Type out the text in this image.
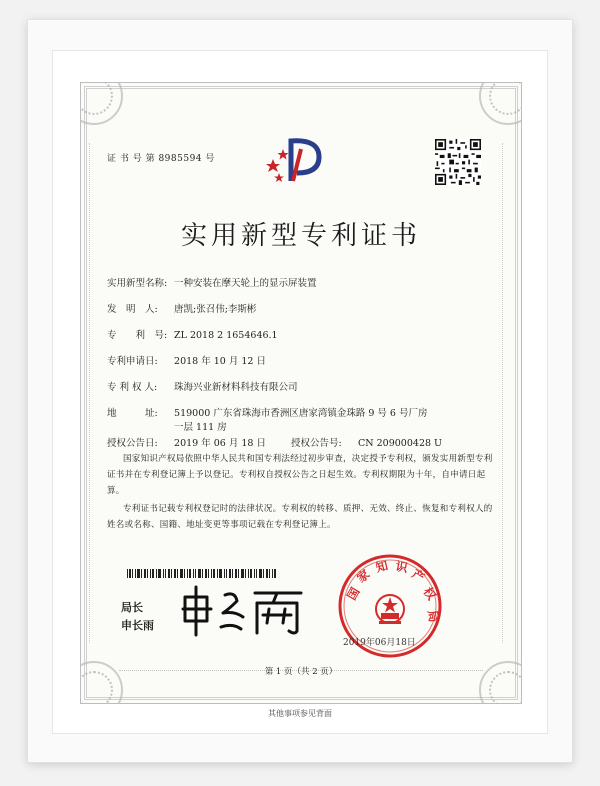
证 书 号 第 8985594 号
实用新型专利证书
实用新型名称: 一种安装在摩天轮上的显示屏装置
发　明　人: 唐凯;张召伟;李斯彬
专　　利　号: ZL 2018 2 1654646.1
专利申请日: 2018 年 10 月 12 日
专 利 权 人: 珠海兴业新材料科技有限公司
地　　　址: 519000 广东省珠海市香洲区唐家湾镇金珠路 9 号 6 号厂房
一层 111 房
授权公告日: 2019 年 06 月 18 日	授权公告号: CN 209000428 U
国家知识产权局依照中华人民共和国专利法经过初步审查，决定授予专利权，颁发实用新型专利证书并在专利登记簿上予以登记。专利权自授权公告之日起生效。专利权期限为十年，自申请日起算。
专利证书记载专利权登记时的法律状况。专利权的转移、质押、无效、终止、恢复和专利权人的姓名或名称、国籍、地址变更等事项记载在专利登记簿上。
局长
申长雨
国
家
知 识 产
权
局
2019年06月18日
第 1 页（共 2 页）
其他事项参见背面
